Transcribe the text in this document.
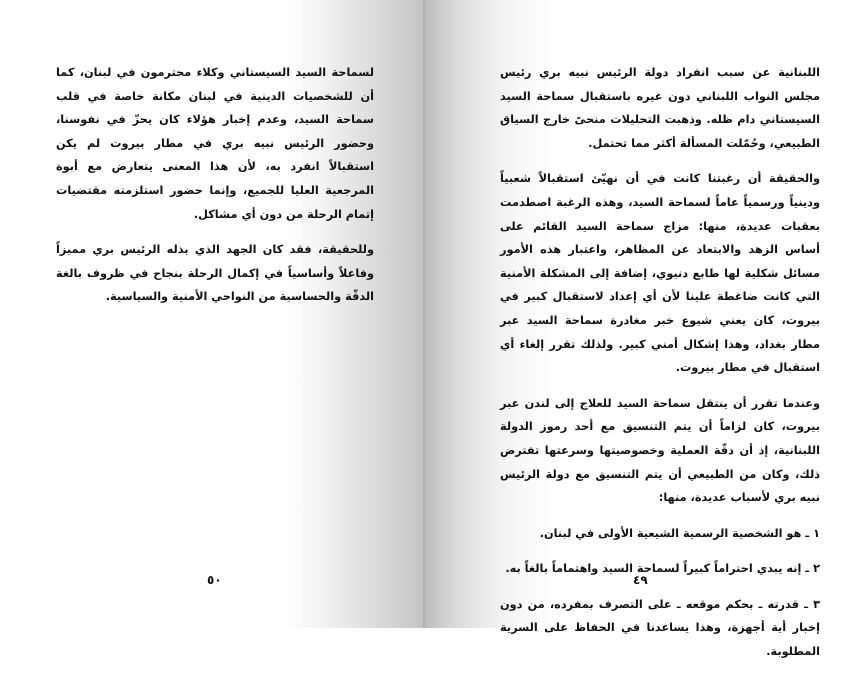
لسماحة السيد السيستاني وكلاء محترمون في لبنان، كما أن للشخصيات الدينية في لبنان مكانة خاصة في قلب سماحة السيد، وعدم إخبار هؤلاء كان يحزّ في نفوسنا، وحضور الرئيس نبيه بري في مطار بيروت لم يكن استقبالاً انفرد به، لأن هذا المعنى يتعارض مع أبوة المرجعية العليا للجميع، وإنما حضور استلزمته مقتضيات إتمام الرحلة من دون أي مشاكل.

وللحقيقة، فقد كان الجهد الذي بذله الرئيس بري مميزاً وفاعلاً وأساسياً في إكمال الرحلة بنجاح في ظروف بالغة الدقّة والحساسية من النواحي الأمنية والسياسية.

٥٠

اللبنانية عن سبب انفراد دولة الرئيس نبيه بري رئيس مجلس النواب اللبناني دون غيره باستقبال سماحة السيد السيستاني دام ظله. وذهبت التحليلات منحىً خارج السياق الطبيعي، وحُمّلت المسألة أكثر مما تحتمل.

والحقيقة أن رغبتنا كانت في أن نهيّئ استقبالاً شعبياً ودينياً ورسمياً عاماً لسماحة السيد، وهذه الرغبة اصطدمت بعقبات عديدة، منها: مزاج سماحة السيد القائم على أساس الزهد والابتعاد عن المظاهر، واعتبار هذه الأمور مسائل شكلية لها طابع دنيوي، إضافة إلى المشكلة الأمنية التي كانت ضاغطة علينا لأن أي إعداد لاستقبال كبير في بيروت، كان يعني شيوع خبر مغادرة سماحة السيد عبر مطار بغداد، وهذا إشكال أمني كبير. ولذلك تقرر إلغاء أي استقبال في مطار بيروت.

وعندما تقرر أن ينتقل سماحة السيد للعلاج إلى لندن عبر بيروت، كان لزاماً أن يتم التنسيق مع أحد رموز الدولة اللبنانية، إذ أن دقّة العملية وخصوصيتها وسرعتها تفترض ذلك، وكان من الطبيعي أن يتم التنسيق مع دولة الرئيس نبيه بري لأسباب عديدة، منها:

١ ـ هو الشخصية الرسمية الشيعية الأولى في لبنان.

٢ ـ إنه يبدي احتراماً كبيراً لسماحة السيد واهتماماً بالغاً به.

٣ ـ قدرته ـ بحكم موقعه ـ على التصرف بمفرده، من دون إخبار أية أجهزة، وهذا يساعدنا في الحفاظ على السرية المطلوبة.

٤٩
